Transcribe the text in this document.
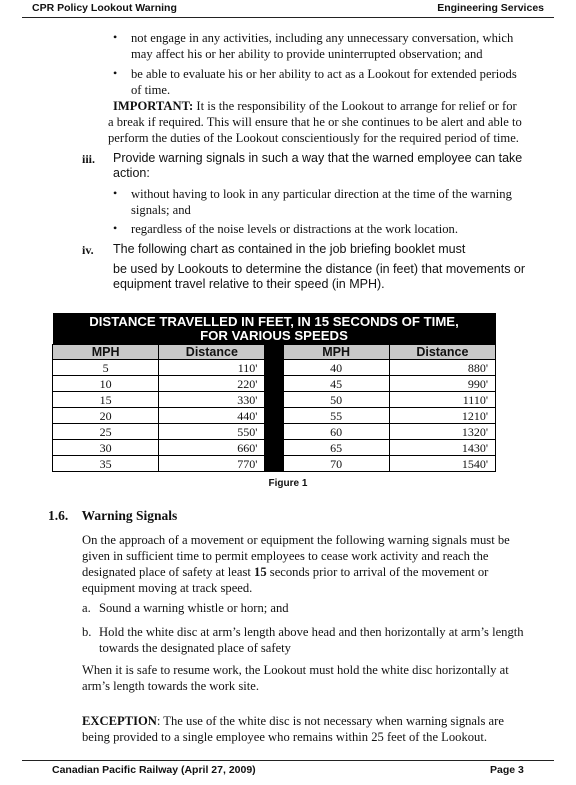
CPR Policy Lookout Warning	Engineering Services
• not engage in any activities, including any unnecessary conversation, which
may affect his or her ability to provide uninterrupted observation; and
• be able to evaluate his or her ability to act as a Lookout for extended periods
of time.
IMPORTANT: It is the responsibility of the Lookout to arrange for relief or for
a break if required. This will ensure that he or she continues to be alert and able to
perform the duties of the Lookout conscientiously for the required period of time.
iii. Provide warning signals in such a way that the warned employee can take
action:
• without having to look in any particular direction at the time of the warning
signals; and
• regardless of the noise levels or distractions at the work location.
iv. The following chart as contained in the job briefing booklet must
be used by Lookouts to determine the distance (in feet) that movements or
equipment travel relative to their speed (in MPH).
DISTANCE TRAVELLED IN FEET, IN 15 SECONDS OF TIME,
FOR VARIOUS SPEEDS				

MPH	Distance		MPH	Distance
5	110'		40	880'
10	220'		45	990'
15	330'		50	1110'
20	440'		55	1210'
25	550'		60	1320'
30	660'		65	1430'
35	770'		70	1540'
Figure 1
1.6. Warning Signals
On the approach of a movement or equipment the following warning signals must be
given in sufficient time to permit employees to cease work activity and reach the
designated place of safety at least 15 seconds prior to arrival of the movement or
equipment moving at track speed.
a. Sound a warning whistle or horn; and
b. Hold the white disc at arm’s length above head and then horizontally at arm’s length
towards the designated place of safety
When it is safe to resume work, the Lookout must hold the white disc horizontally at
arm’s length towards the work site.
EXCEPTION: The use of the white disc is not necessary when warning signals are
being provided to a single employee who remains within 25 feet of the Lookout.
Canadian Pacific Railway (April 27, 2009)	Page 3
